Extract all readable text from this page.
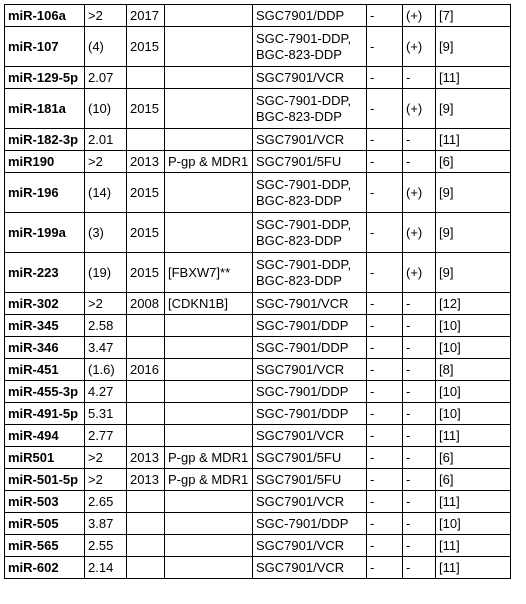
miR-106a	>2	2017		SGC7901/DDP	-	(+)	[7]
miR-107	(4)	2015		SGC-7901-DDP,
BGC-823-DDP	-	(+)	[9]
miR-129-5p	2.07			SGC7901/VCR	-	-	[11]
miR-181a	(10)	2015		SGC-7901-DDP,
BGC-823-DDP	-	(+)	[9]
miR-182-3p	2.01			SGC7901/VCR	-	-	[11]
miR190	>2	2013	P-gp & MDR1	SGC7901/5FU	-	-	[6]
miR-196	(14)	2015		SGC-7901-DDP,
BGC-823-DDP	-	(+)	[9]
miR-199a	(3)	2015		SGC-7901-DDP,
BGC-823-DDP	-	(+)	[9]
miR-223	(19)	2015	[FBXW7]**	SGC-7901-DDP,
BGC-823-DDP	-	(+)	[9]
miR-302	>2	2008	[CDKN1B]	SGC-7901/VCR	-	-	[12]
miR-345	2.58			SGC-7901/DDP	-	-	[10]
miR-346	3.47			SGC-7901/DDP	-	-	[10]
miR-451	(1.6)	2016		SGC7901/VCR	-	-	[8]
miR-455-3p	4.27			SGC-7901/DDP	-	-	[10]
miR-491-5p	5.31			SGC-7901/DDP	-	-	[10]
miR-494	2.77			SGC7901/VCR	-	-	[11]
miR501	>2	2013	P-gp & MDR1	SGC7901/5FU	-	-	[6]
miR-501-5p	>2	2013	P-gp & MDR1	SGC7901/5FU	-	-	[6]
miR-503	2.65			SGC7901/VCR	-	-	[11]
miR-505	3.87			SGC-7901/DDP	-	-	[10]
miR-565	2.55			SGC7901/VCR	-	-	[11]
miR-602	2.14			SGC7901/VCR	-	-	[11]
